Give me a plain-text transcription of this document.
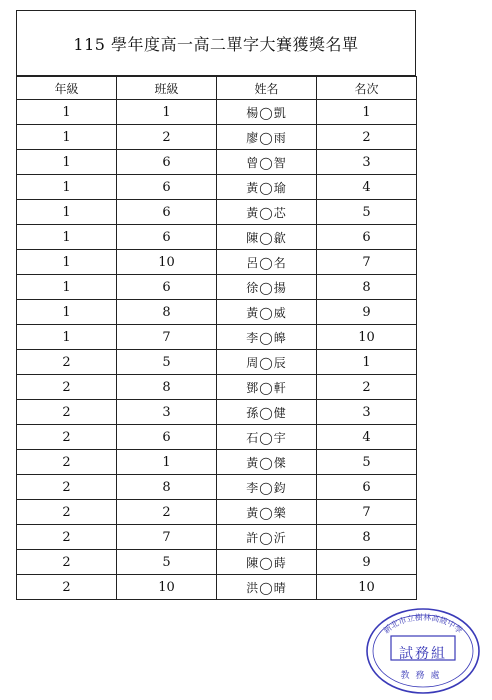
115 學年度高一高二單字大賽獲獎名單
年級	班級	姓名	名次
1	1	楊◯凱	1
1	2	廖◯雨	2
1	6	曾◯智	3
1	6	黃◯瑜	4
1	6	黃◯芯	5
1	6	陳◯歙	6
1	10	呂◯名	7
1	6	徐◯揚	8
1	8	黃◯威	9
1	7	李◯皞	10
2	5	周◯辰	1
2	8	鄧◯軒	2
2	3	孫◯健	3
2	6	石◯宇	4
2	1	黃◯傑	5
2	8	李◯鈞	6
2	2	黃◯樂	7
2	7	許◯沂	8
2	5	陳◯蒔	9
2	10	洪◯晴	10
新北市立樹林高級中學
試務組
教務處
